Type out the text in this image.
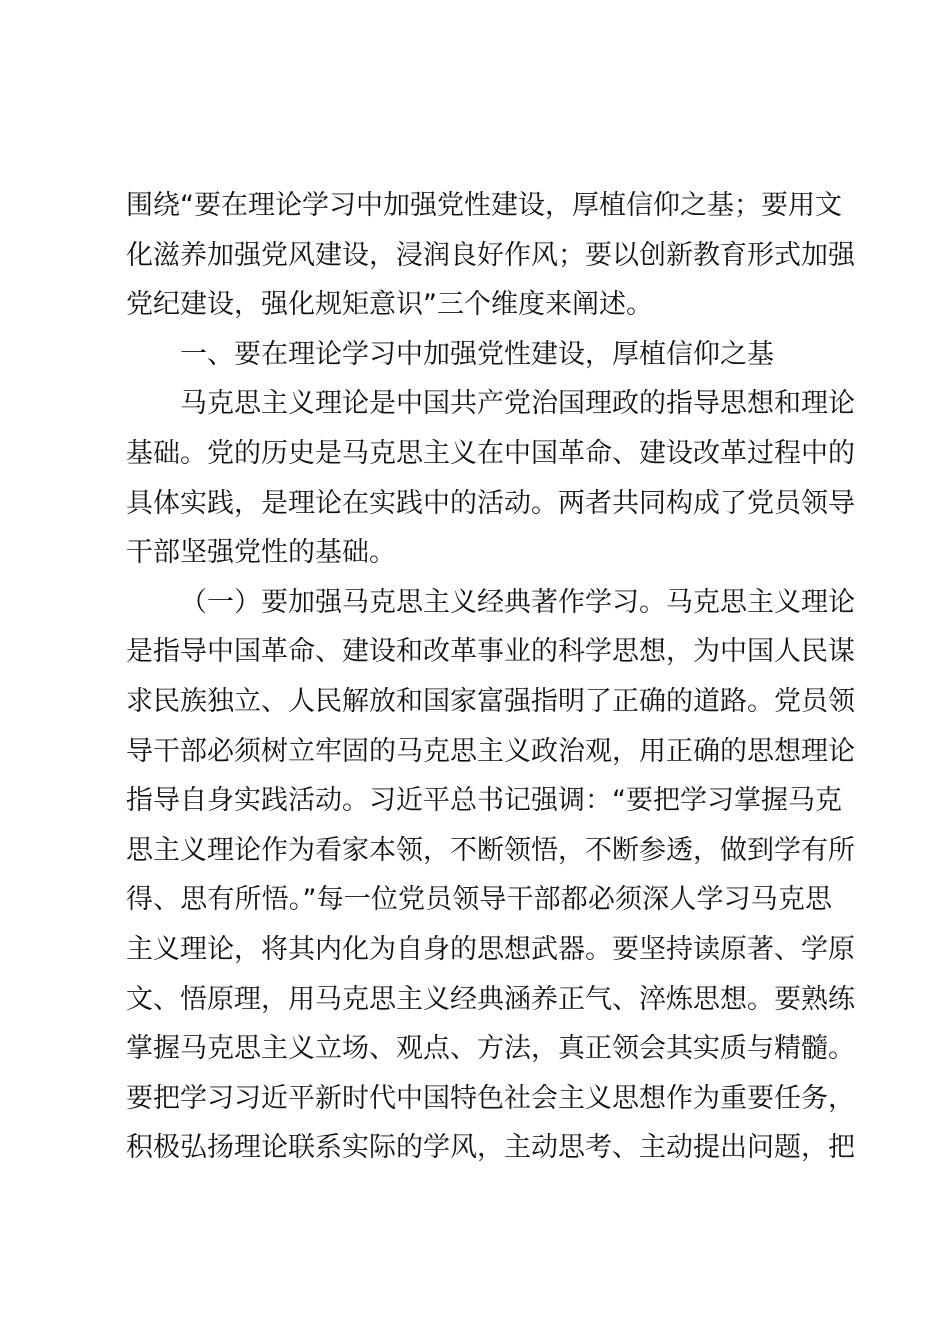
围绕“要在理论学习中加强党性建设，厚植信仰之基；要用文
化滋养加强党风建设，浸润良好作风；要以创新教育形式加强
党纪建设，强化规矩意识”三个维度来阐述。

一、要在理论学习中加强党性建设，厚植信仰之基

马克思主义理论是中国共产党治国理政的指导思想和理论
基础。党的历史是马克思主义在中国革命、建设改革过程中的
具体实践，是理论在实践中的活动。两者共同构成了党员领导
干部坚强党性的基础。

（一）要加强马克思主义经典著作学习。马克思主义理论
是指导中国革命、建设和改革事业的科学思想，为中国人民谋
求民族独立、人民解放和国家富强指明了正确的道路。党员领
导干部必须树立牢固的马克思主义政治观，用正确的思想理论
指导自身实践活动。习近平总书记强调：“要把学习掌握马克
思主义理论作为看家本领，不断领悟，不断参透，做到学有所
得、思有所悟。”每一位党员领导干部都必须深人学习马克思
主义理论，将其内化为自身的思想武器。要坚持读原著、学原
文、悟原理，用马克思主义经典涵养正气、淬炼思想。要熟练
掌握马克思主义立场、观点、方法，真正领会其实质与精髓。
要把学习习近平新时代中国特色社会主义思想作为重要任务，
积极弘扬理论联系实际的学风，主动思考、主动提出问题，把
